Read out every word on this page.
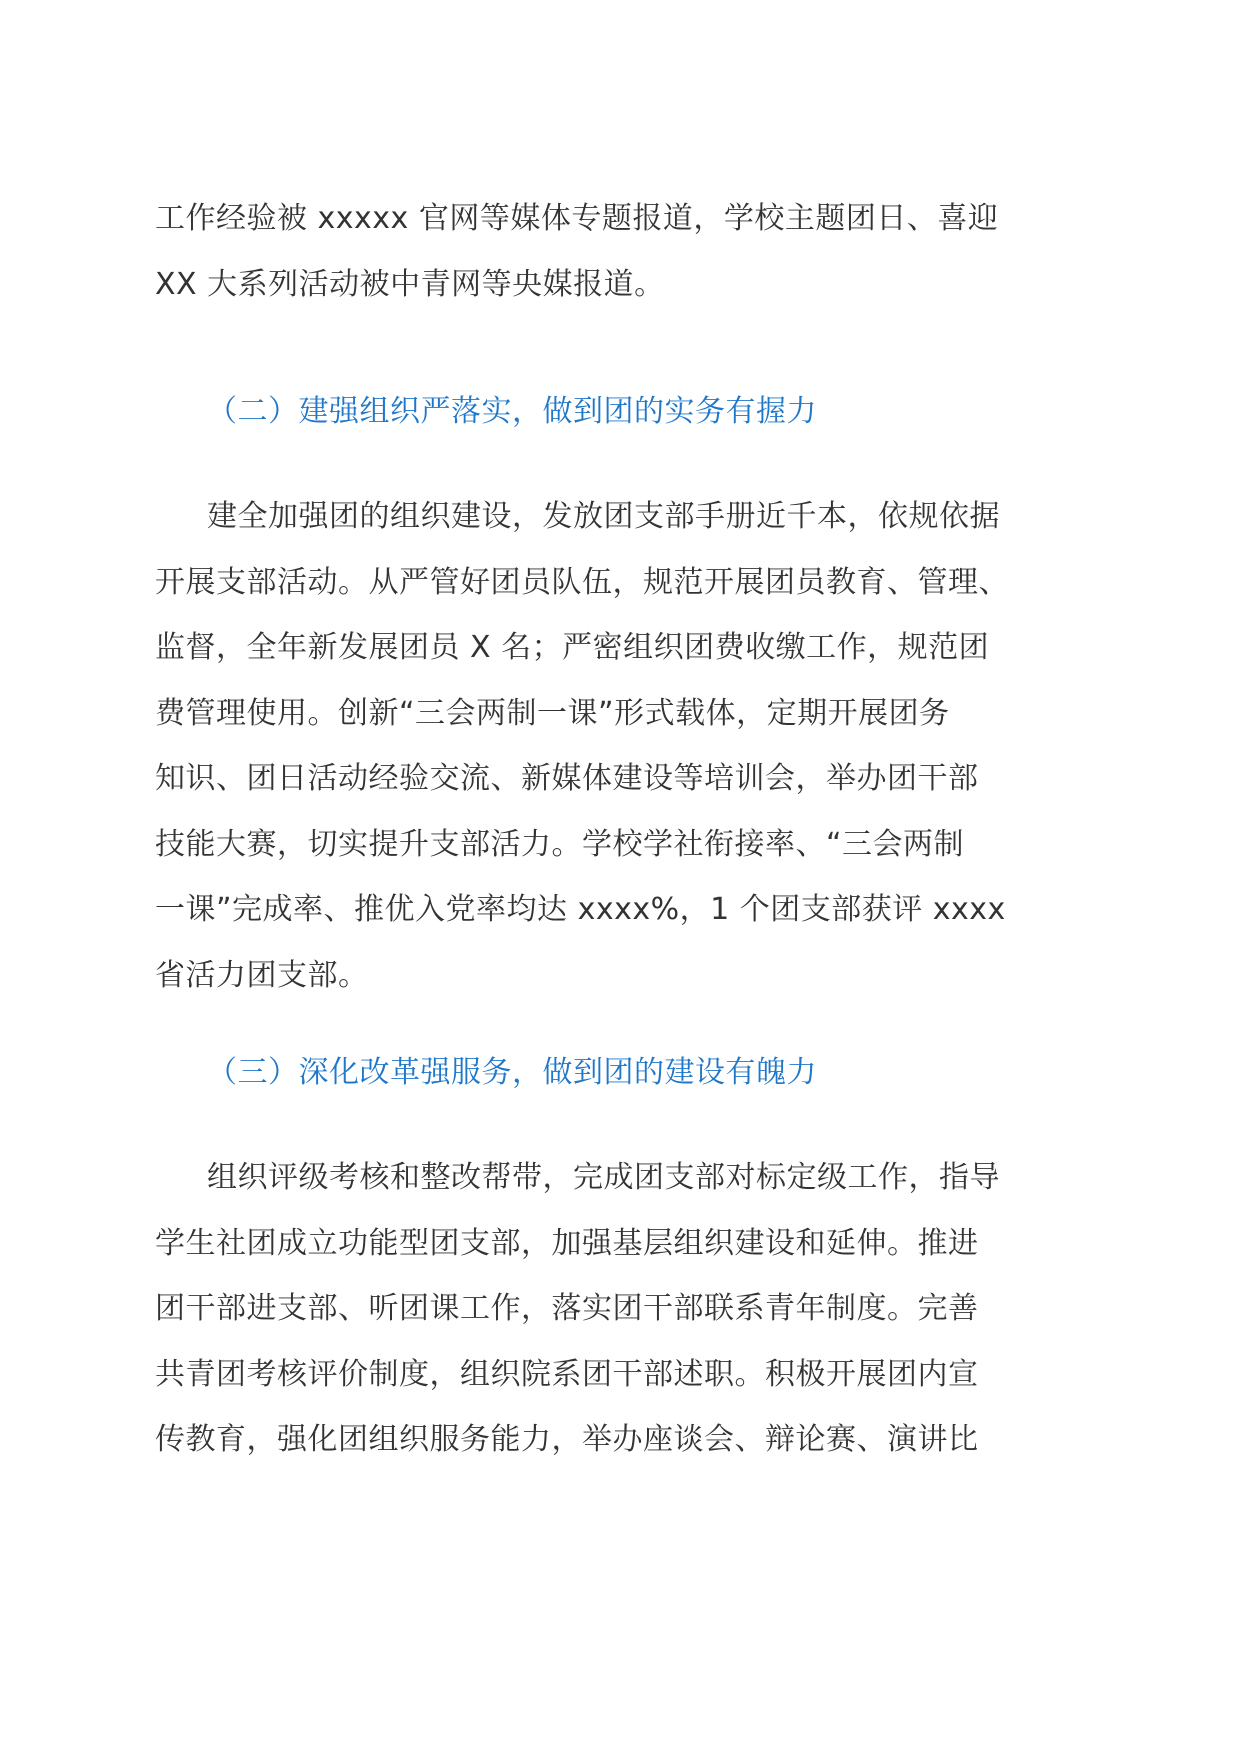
工作经验被 xxxxx 官网等媒体专题报道，学校主题团日、喜迎
XX 大系列活动被中青网等央媒报道。
（二）建强组织严落实，做到团的实务有握力
建全加强团的组织建设，发放团支部手册近千本，依规依据
开展支部活动。从严管好团员队伍，规范开展团员教育、管理、
监督，全年新发展团员 X 名；严密组织团费收缴工作，规范团
费管理使用。创新“三会两制一课”形式载体，定期开展团务
知识、团日活动经验交流、新媒体建设等培训会，举办团干部
技能大赛，切实提升支部活力。学校学社衔接率、“三会两制
一课”完成率、推优入党率均达 xxxx%，1 个团支部获评 xxxx
省活力团支部。
（三）深化改革强服务，做到团的建设有魄力
组织评级考核和整改帮带，完成团支部对标定级工作，指导
学生社团成立功能型团支部，加强基层组织建设和延伸。推进
团干部进支部、听团课工作，落实团干部联系青年制度。完善
共青团考核评价制度，组织院系团干部述职。积极开展团内宣
传教育，强化团组织服务能力，举办座谈会、辩论赛、演讲比
